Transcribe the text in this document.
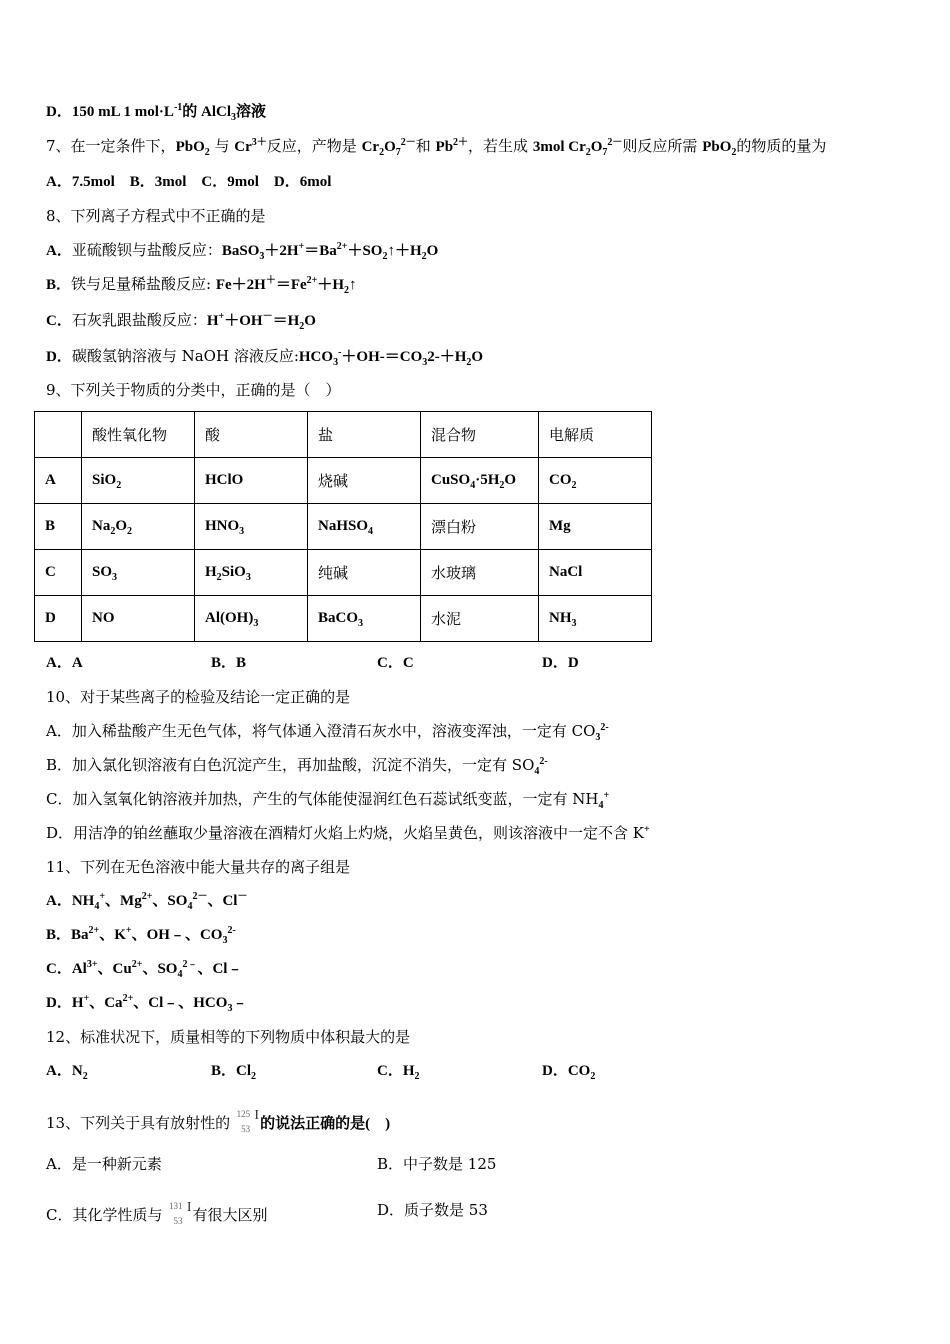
D．150 mL 1 $mol\cdot L^{-1}$的 AlCl$_3$溶液
7、在一定条件下，PbO$_2$ 与 $Cr^{3+}$反应，产物是 $Cr_2O_7^{2-}$和 $Pb^{2+}$，若生成 3mol $Cr_2O_7^{2-}$则反应所需 PbO$_2$的物质的量为
A．7.5mol　B．3mol　C．9mol　D．6mol
8、下列离子方程式中不正确的是
A．亚硫酸钡与盐酸反应：$BaSO_3+2H^+=Ba^{2+}+SO_2↑+H_2O$
B．铁与足量稀盐酸反应: $Fe+2H^+=Fe^{2+}+H_2↑$
C．石灰乳跟盐酸反应：$H^++OH^-=H_2O$
D．碳酸氢钠溶液与 NaOH 溶液反应$:HCO_3^-+OH-=CO_32-+H_2O$
9、下列关于物质的分类中，正确的是（　）
	酸性氧化物	酸	盐	混合物	电解质
A	SiO$_2$	HClO	烧碱	$CuSO_4\cdot 5H_2O$	$CO_2$
B	$Na_2O_2$	$HNO_3$	NaHSO$_4$	漂白粉	Mg
C	$SO_3$	$H_2SiO_3$	纯碱	水玻璃	NaCl
D	NO	$Al(OH)_3$	BaCO$_3$	水泥	$NH_3$
A．A	B．B	C．C	D．D
10、对于某些离子的检验及结论一定正确的是
A．加入稀盐酸产生无色气体，将气体通入澄清石灰水中，溶液变浑浊，一定有 $CO_3^{2-}$
B．加入氯化钡溶液有白色沉淀产生，再加盐酸，沉淀不消失，一定有 $SO_4^{2-}$
C．加入氢氧化钠溶液并加热，产生的气体能使湿润红色石蕊试纸变蓝，一定有 $NH_4^+$
D．用洁净的铂丝蘸取少量溶液在酒精灯火焰上灼烧，火焰呈黄色，则该溶液中一定不含 K+
11、下列在无色溶液中能大量共存的离子组是
A．$NH_4^+$、$Mg^{2+}$、$SO_4^{2-}$、Cl－
B．$Ba^{2+}$、K+、OH﹣、$CO_3^{2-}$
C．$Al^{3+}$、$Cu^{2+}$、$SO_4^{2﹣}$、Cl﹣
D．H+、$Ca^{2+}$、Cl﹣、$HCO_3﹣$
12、标准状况下，质量相等的下列物质中体积最大的是
A．$N_2$	B．$Cl_2$	C．$H_2$	D．$CO_2$
13、下列关于具有放射性的 125
53
I
的说法正确的是(　)
A．是一种新元素	B．中子数是 125
C．其化学性质与 131
53
I 有很大区别	D．质子数是 53
